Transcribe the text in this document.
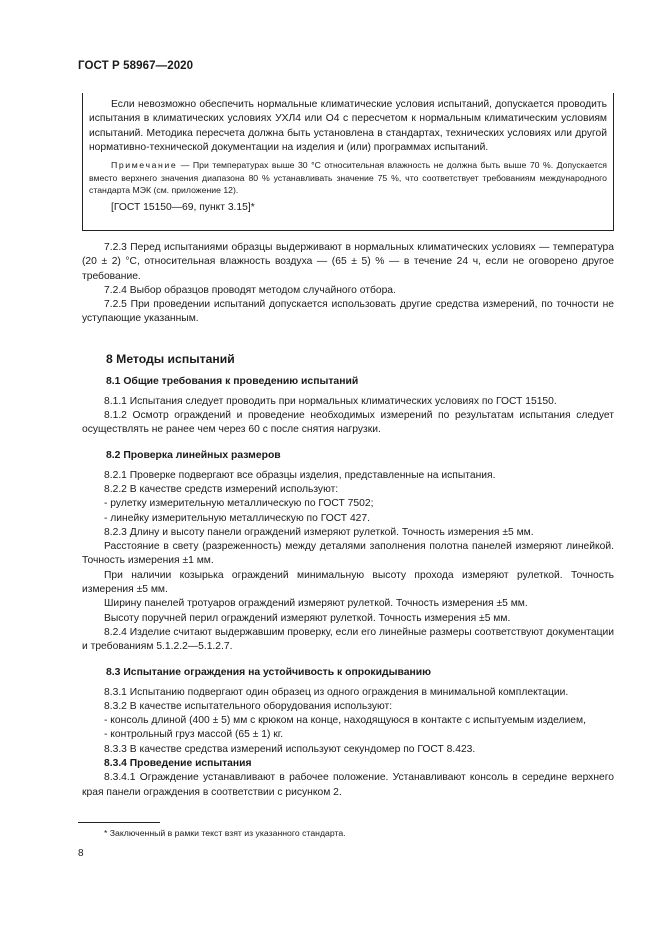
ГОСТ Р 58967—2020

Если невозможно обеспечить нормальные климатические условия испытаний, допускается проводить испытания в климатических условиях УХЛ4 или О4 с пересчетом к нормальным климатическим условиям испытаний. Методика пересчета должна быть установлена в стандартах, технических условиях или другой нормативно-технической документации на изделия и (или) программах испытаний.

Примечание — При температурах выше 30 °С относительная влажность не должна быть выше 70 %. Допускается вместо верхнего значения диапазона 80 % устанавливать значение 75 %, что соответствует требованиям международного стандарта МЭК (см. приложение 12).

[ГОСТ 15150—69, пункт 3.15]*

7.2.3 Перед испытаниями образцы выдерживают в нормальных климатических условиях — температура (20 ± 2) °С, относительная влажность воздуха — (65 ± 5) % — в течение 24 ч, если не оговорено другое требование.

7.2.4 Выбор образцов проводят методом случайного отбора.

7.2.5 При проведении испытаний допускается использовать другие средства измерений, по точности не уступающие указанным.

8 Методы испытаний

8.1 Общие требования к проведению испытаний

8.1.1 Испытания следует проводить при нормальных климатических условиях по ГОСТ 15150.

8.1.2 Осмотр ограждений и проведение необходимых измерений по результатам испытания следует осуществлять не ранее чем через 60 с после снятия нагрузки.

8.2 Проверка линейных размеров

8.2.1 Проверке подвергают все образцы изделия, представленные на испытания.

8.2.2 В качестве средств измерений используют:

- рулетку измерительную металлическую по ГОСТ 7502;

- линейку измерительную металлическую по ГОСТ 427.

8.2.3 Длину и высоту панели ограждений измеряют рулеткой. Точность измерения ±5 мм.

Расстояние в свету (разреженность) между деталями заполнения полотна панелей измеряют линейкой. Точность измерения ±1 мм.

При наличии козырька ограждений минимальную высоту прохода измеряют рулеткой. Точность измерения ±5 мм.

Ширину панелей тротуаров ограждений измеряют рулеткой. Точность измерения ±5 мм.

Высоту поручней перил ограждений измеряют рулеткой. Точность измерения ±5 мм.

8.2.4 Изделие считают выдержавшим проверку, если его линейные размеры соответствуют документации и требованиям 5.1.2.2—5.1.2.7.

8.3 Испытание ограждения на устойчивость к опрокидыванию

8.3.1 Испытанию подвергают один образец из одного ограждения в минимальной комплектации.

8.3.2 В качестве испытательного оборудования используют:

- консоль длиной (400 ± 5) мм с крюком на конце, находящуюся в контакте с испытуемым изделием,

- контрольный груз массой (65 ± 1) кг.

8.3.3 В качестве средства измерений используют секундомер по ГОСТ 8.423.

8.3.4 Проведение испытания

8.3.4.1 Ограждение устанавливают в рабочее положение. Устанавливают консоль в середине верхнего края панели ограждения в соответствии с рисунком 2.

* Заключенный в рамки текст взят из указанного стандарта.
8
